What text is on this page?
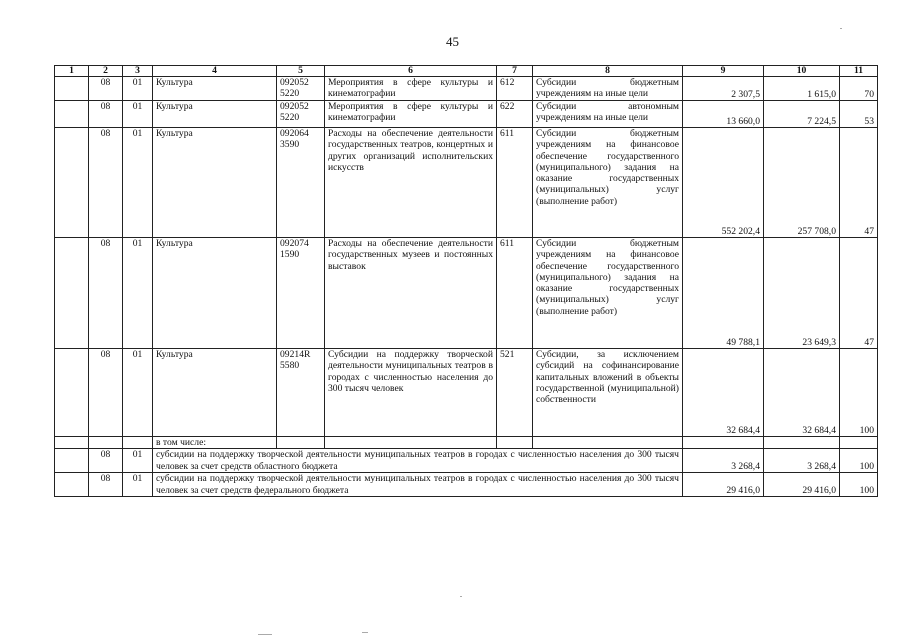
45
1	2	3	4	5	6	7	8	9	10	11
	08	01	Культура	092052 5220	Мероприятия в сфере культуры и кинематографии	612	Субсидии бюджетным учреждениям на иные цели	2 307,5	1 615,0	70
	08	01	Культура	092052 5220	Мероприятия в сфере культуры и кинематографии	622	Субсидии автономным учреждениям на иные цели	13 660,0	7 224,5	53
	08	01	Культура	092064 3590	Расходы на обеспечение деятельности государственных театров, концертных и других организаций исполнительских искусств	611	Субсидии бюджетным учреждениям на финансовое обеспечение государственного (муниципального) задания на оказание государственных (муниципальных) услуг (выполнение работ)	552 202,4	257 708,0	47
	08	01	Культура	092074 1590	Расходы на обеспечение деятельности государственных музеев и постоянных выставок	611	Субсидии бюджетным учреждениям на финансовое обеспечение государственного (муниципального) задания на оказание государственных (муниципальных) услуг (выполнение работ)	49 788,1	23 649,3	47
	08	01	Культура	09214R 5580	Субсидии на поддержку творческой деятельности муниципальных театров в городах с численностью населения до 300 тысяч человек	521	Субсидии, за исключением субсидий на софинансирование капитальных вложений в объекты государственной (муниципальной) собственности	32 684,4	32 684,4	100
			в том числе:							
	08	01	субсидии на поддержку творческой деятельности муниципальных театров в городах с численностью населения до 300 тысяч человек за счет средств областного бюджета					3 268,4	3 268,4	100
	08	01	субсидии на поддержку творческой деятельности муниципальных театров в городах с численностью населения до 300 тысяч человек за счет средств федерального бюджета					29 416,0	29 416,0	100
